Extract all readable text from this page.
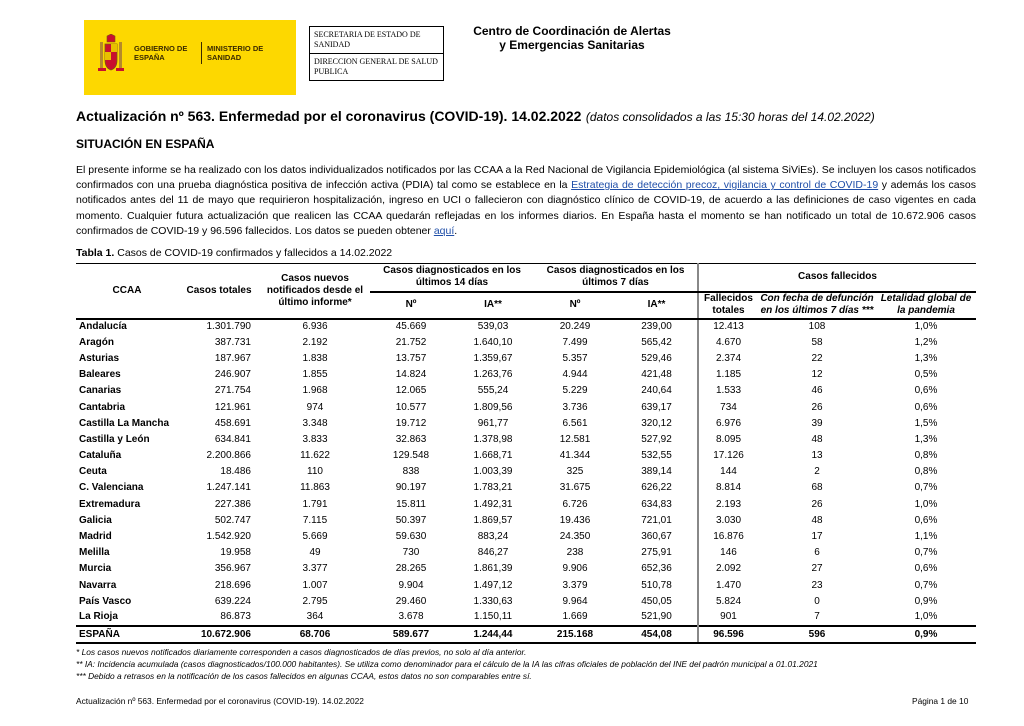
GOBIERNO DE ESPAÑA
MINISTERIO DE SANIDAD
SECRETARIA DE ESTADO DE SANIDAD
DIRECCION GENERAL DE SALUD PUBLICA
Centro de Coordinación de Alertas
y Emergencias Sanitarias
Actualización nº 563. Enfermedad por el coronavirus (COVID-19). 14.02.2022 (datos consolidados a las 15:30 horas del 14.02.2022)
SITUACIÓN EN ESPAÑA
El presente informe se ha realizado con los datos individualizados notificados por las CCAA a la Red Nacional de Vigilancia Epidemiológica (al sistema SiViEs). Se incluyen los casos notificados confirmados con una prueba diagnóstica positiva de infección activa (PDIA) tal como se establece en la Estrategia de detección precoz, vigilancia y control de COVID-19 y además los casos notificados antes del 11 de mayo que requirieron hospitalización, ingreso en UCI o fallecieron con diagnóstico clínico de COVID-19, de acuerdo a las definiciones de caso vigentes en cada momento. Cualquier futura actualización que realicen las CCAA quedarán reflejadas en los informes diarios. En España hasta el momento se han notificado un total de 10.672.906 casos confirmados de COVID-19 y 96.596 fallecidos. Los datos se pueden obtener aquí.
Tabla 1. Casos de COVID-19 confirmados y fallecidos a 14.02.2022
CCAA	Casos totales	Casos nuevos notificados desde el último informe*	Casos diagnosticados en los últimos 14 días		Casos diagnosticados en los últimos 7 días		Casos fallecidos		
			Nº	IA**	Nº	IA**	Fallecidos totales	Con fecha de defunción en los últimos 7 días ***	Letalidad global de la pandemia
Andalucía	1.301.790	6.936	45.669	539,03	20.249	239,00	12.413	108	1,0%
Aragón	387.731	2.192	21.752	1.640,10	7.499	565,42	4.670	58	1,2%
Asturias	187.967	1.838	13.757	1.359,67	5.357	529,46	2.374	22	1,3%
Baleares	246.907	1.855	14.824	1.263,76	4.944	421,48	1.185	12	0,5%
Canarias	271.754	1.968	12.065	555,24	5.229	240,64	1.533	46	0,6%
Cantabria	121.961	974	10.577	1.809,56	3.736	639,17	734	26	0,6%
Castilla La Mancha	458.691	3.348	19.712	961,77	6.561	320,12	6.976	39	1,5%
Castilla y León	634.841	3.833	32.863	1.378,98	12.581	527,92	8.095	48	1,3%
Cataluña	2.200.866	11.622	129.548	1.668,71	41.344	532,55	17.126	13	0,8%
Ceuta	18.486	110	838	1.003,39	325	389,14	144	2	0,8%
C. Valenciana	1.247.141	11.863	90.197	1.783,21	31.675	626,22	8.814	68	0,7%
Extremadura	227.386	1.791	15.811	1.492,31	6.726	634,83	2.193	26	1,0%
Galicia	502.747	7.115	50.397	1.869,57	19.436	721,01	3.030	48	0,6%
Madrid	1.542.920	5.669	59.630	883,24	24.350	360,67	16.876	17	1,1%
Melilla	19.958	49	730	846,27	238	275,91	146	6	0,7%
Murcia	356.967	3.377	28.265	1.861,39	9.906	652,36	2.092	27	0,6%
Navarra	218.696	1.007	9.904	1.497,12	3.379	510,78	1.470	23	0,7%
País Vasco	639.224	2.795	29.460	1.330,63	9.964	450,05	5.824	0	0,9%
La Rioja	86.873	364	3.678	1.150,11	1.669	521,90	901	7	1,0%
ESPAÑA	10.672.906	68.706	589.677	1.244,44	215.168	454,08	96.596	596	0,9%
* Los casos nuevos notificados diariamente corresponden a casos diagnosticados de días previos, no solo al día anterior.
** IA: Incidencia acumulada (casos diagnosticados/100.000 habitantes). Se utiliza como denominador para el cálculo de la IA las cifras oficiales de población del INE del padrón municipal a 01.01.2021
*** Debido a retrasos en la notificación de los casos fallecidos en algunas CCAA, estos datos no son comparables entre sí.
Actualización nº 563. Enfermedad por el coronavirus (COVID-19). 14.02.2022	Página 1 de 10
